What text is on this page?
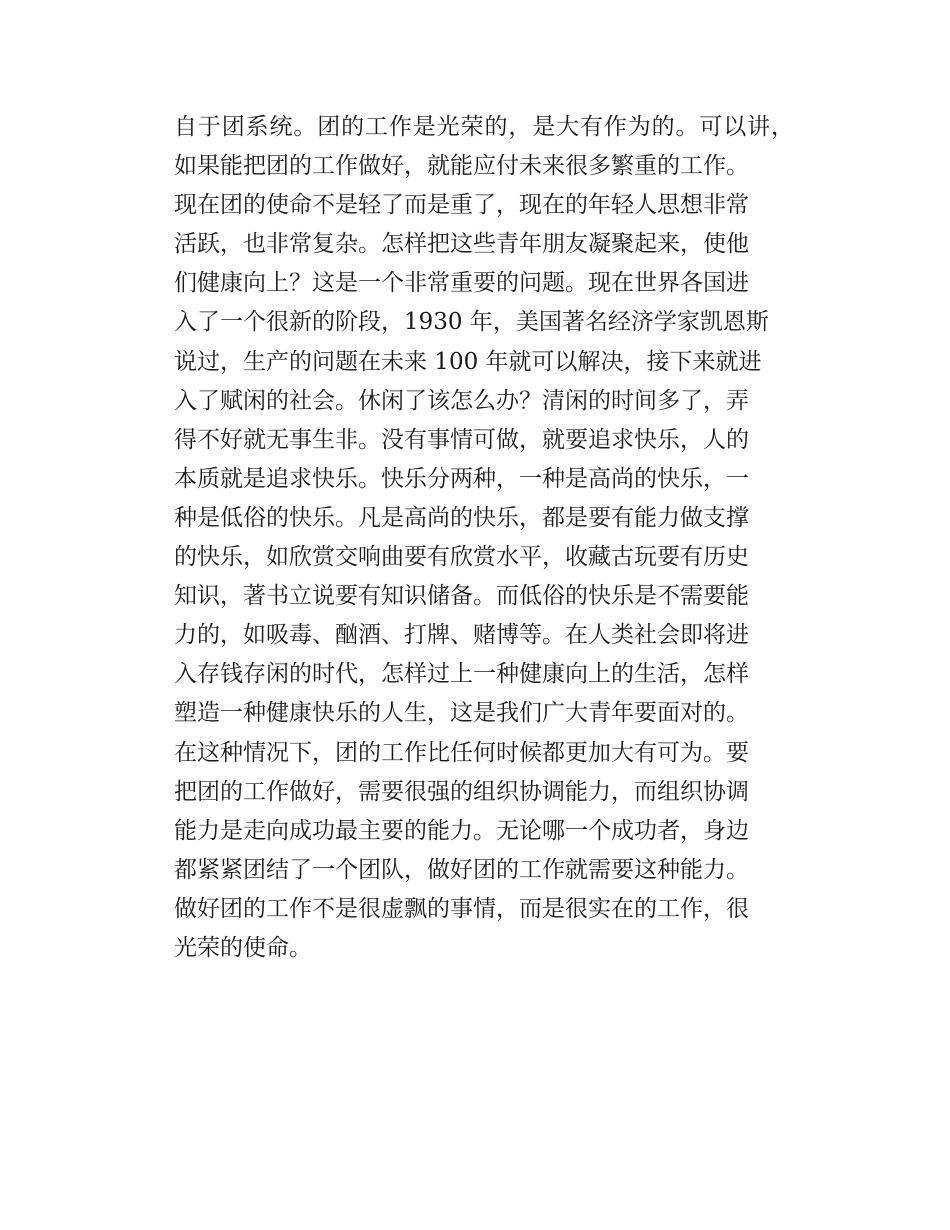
自于团系统。团的工作是光荣的，是大有作为的。可以讲，
如果能把团的工作做好，就能应付未来很多繁重的工作。
现在团的使命不是轻了而是重了，现在的年轻人思想非常
活跃，也非常复杂。怎样把这些青年朋友凝聚起来，使他
们健康向上？这是一个非常重要的问题。现在世界各国进
入了一个很新的阶段，1930 年，美国著名经济学家凯恩斯
说过，生产的问题在未来 100 年就可以解决，接下来就进
入了赋闲的社会。休闲了该怎么办？清闲的时间多了，弄
得不好就无事生非。没有事情可做，就要追求快乐，人的
本质就是追求快乐。快乐分两种，一种是高尚的快乐，一
种是低俗的快乐。凡是高尚的快乐，都是要有能力做支撑
的快乐，如欣赏交响曲要有欣赏水平，收藏古玩要有历史
知识，著书立说要有知识储备。而低俗的快乐是不需要能
力的，如吸毒、酗酒、打牌、赌博等。在人类社会即将进
入存钱存闲的时代，怎样过上一种健康向上的生活，怎样
塑造一种健康快乐的人生，这是我们广大青年要面对的。
在这种情况下，团的工作比任何时候都更加大有可为。要
把团的工作做好，需要很强的组织协调能力，而组织协调
能力是走向成功最主要的能力。无论哪一个成功者，身边
都紧紧团结了一个团队，做好团的工作就需要这种能力。
做好团的工作不是很虚飘的事情，而是很实在的工作，很
光荣的使命。
